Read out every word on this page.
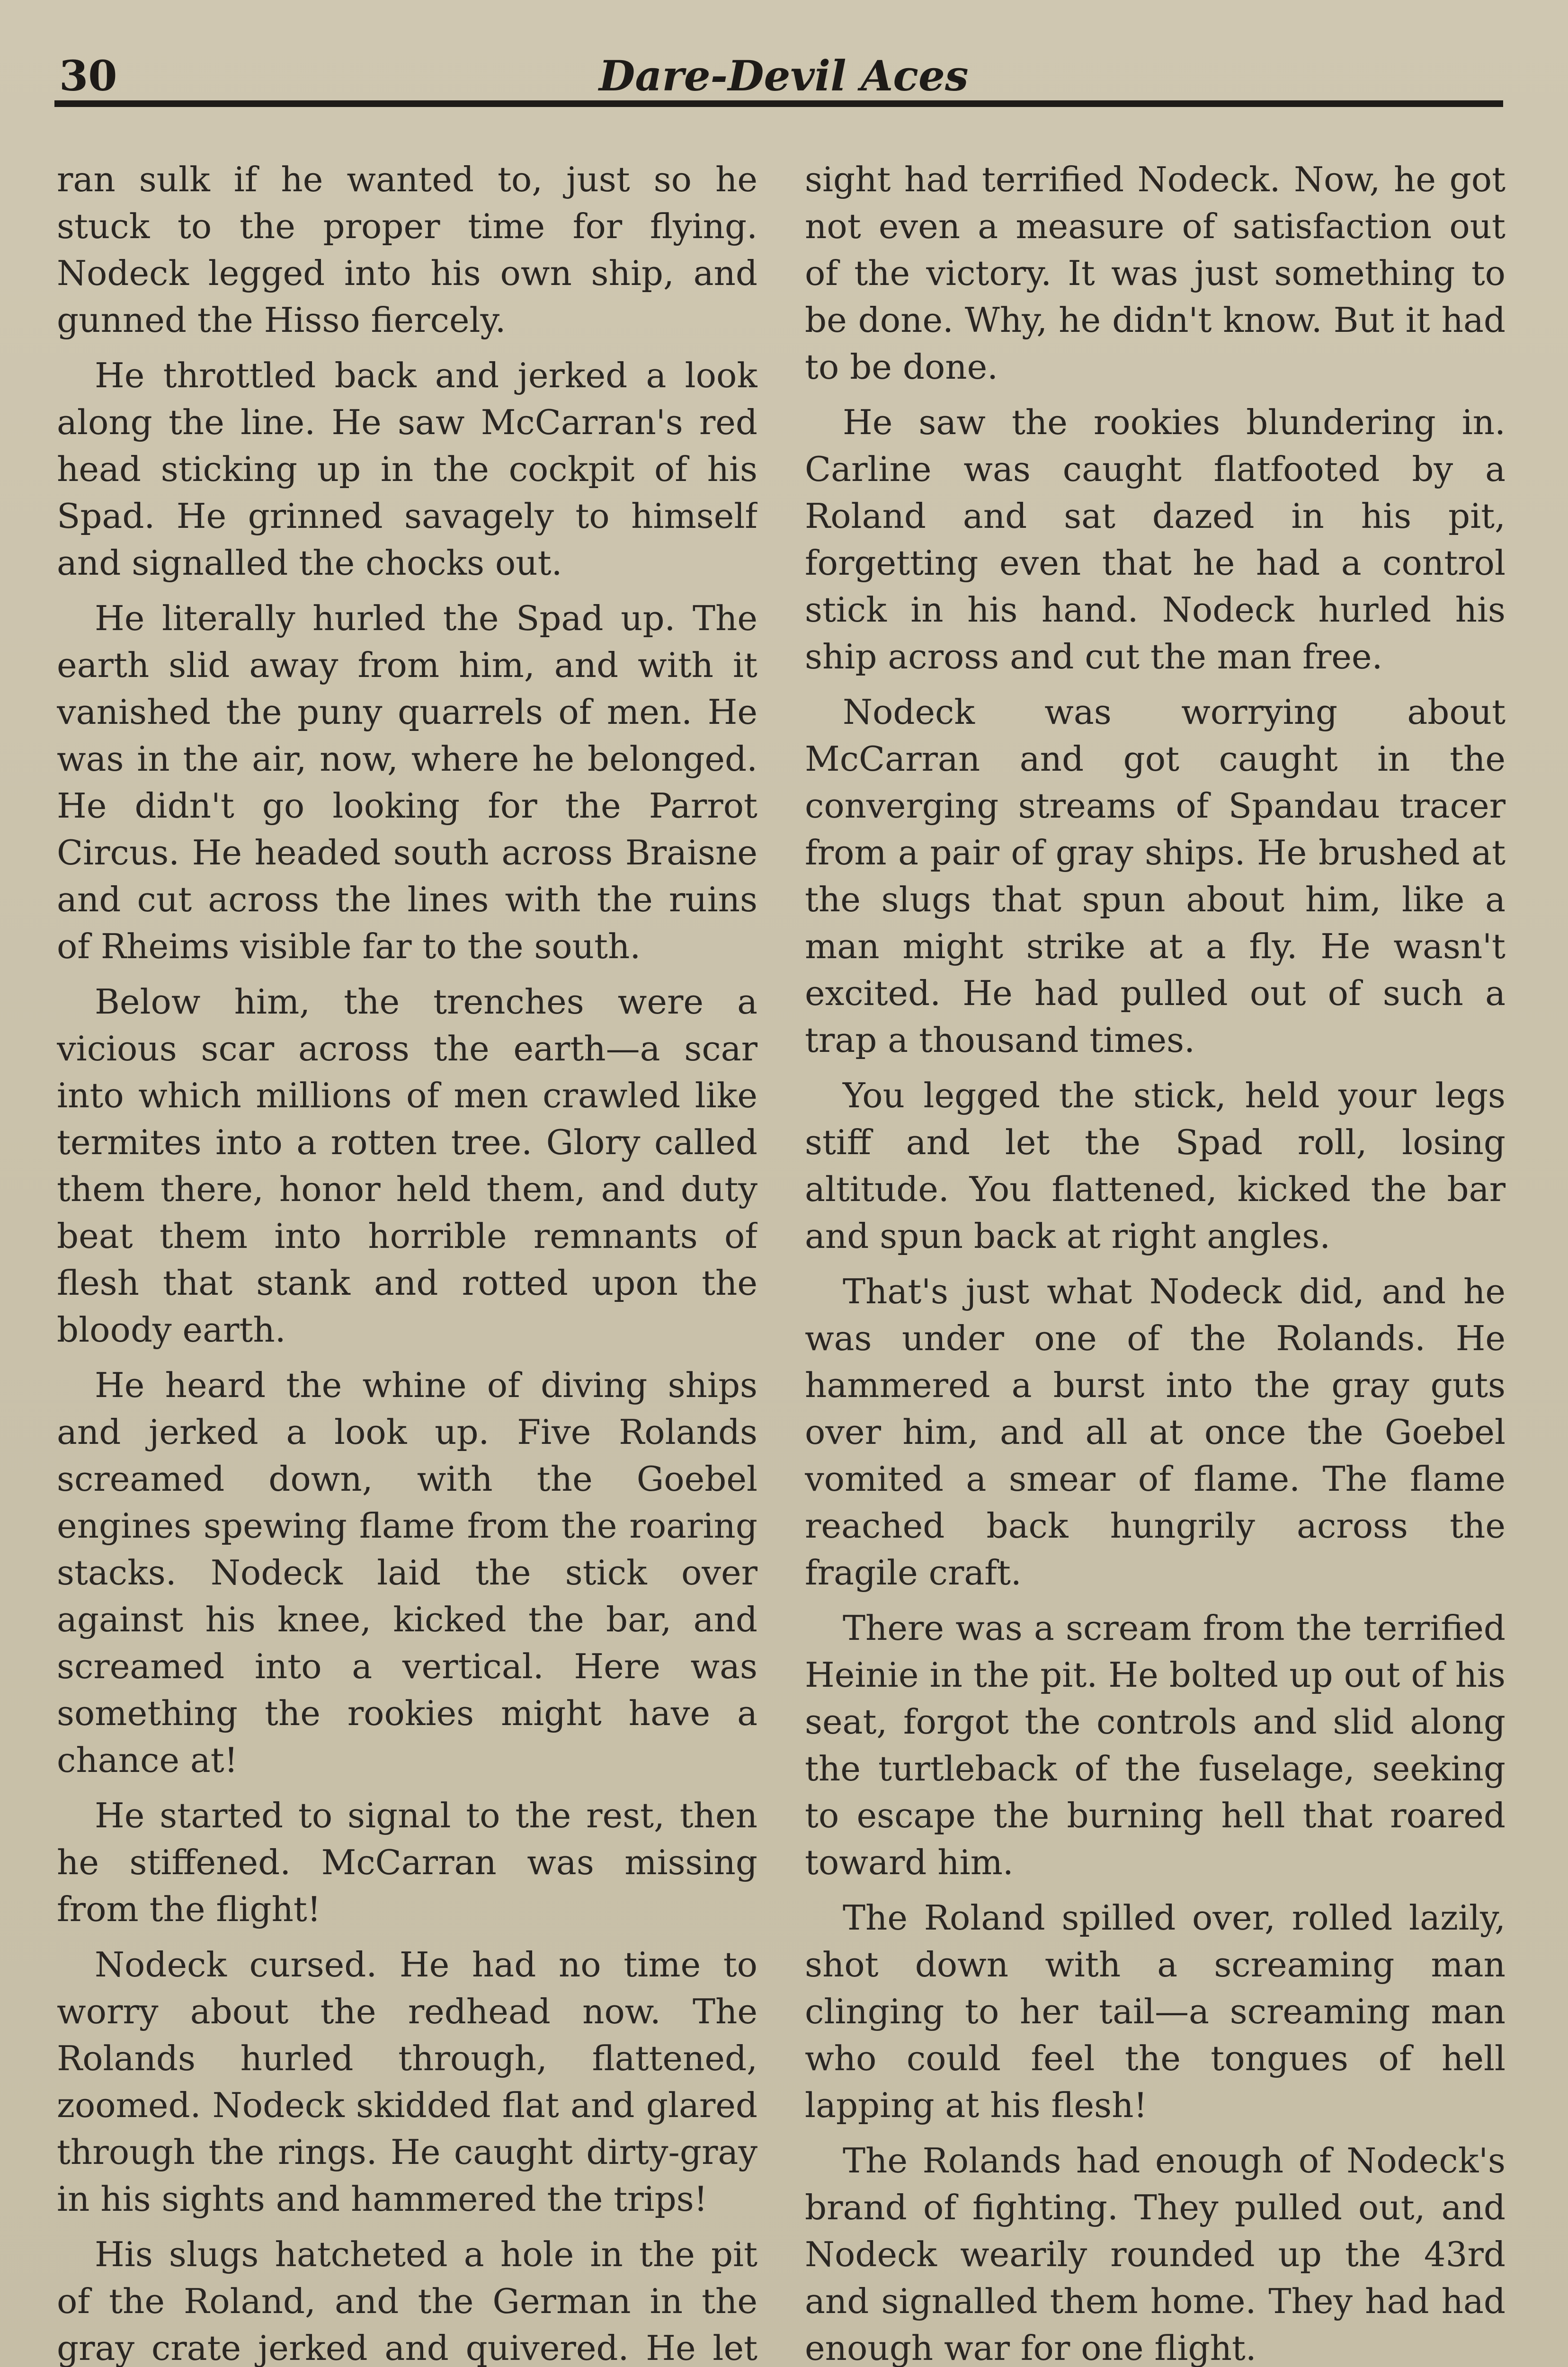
30	Dare-Devil Aces

ran sulk if he wanted to, just so he stuck to the proper time for flying. Nodeck legged into his own ship, and gunned the Hisso fiercely.

He throttled back and jerked a look along the line. He saw McCarran's red head sticking up in the cockpit of his Spad. He grinned savagely to himself and signalled the chocks out.

He literally hurled the Spad up. The earth slid away from him, and with it vanished the puny quarrels of men. He was in the air, now, where he belonged. He didn't go looking for the Parrot Circus. He headed south across Braisne and cut across the lines with the ruins of Rheims visible far to the south.

Below him, the trenches were a vicious scar across the earth—a scar into which millions of men crawled like termites into a rotten tree. Glory called them there, honor held them, and duty beat them into horrible remnants of flesh that stank and rotted upon the bloody earth.

He heard the whine of diving ships and jerked a look up. Five Rolands screamed down, with the Goebel engines spewing flame from the roaring stacks. Nodeck laid the stick over against his knee, kicked the bar, and screamed into a vertical. Here was something the rookies might have a chance at!

He started to signal to the rest, then he stiffened. McCarran was missing from the flight!

Nodeck cursed. He had no time to worry about the redhead now. The Rolands hurled through, flattened, zoomed. Nodeck skidded flat and glared through the rings. He caught dirty-gray in his sights and hammered the trips!

His slugs hatcheted a hole in the pit of the Roland, and the German in the gray crate jerked and quivered. He let

sight had terrified Nodeck. Now, he got not even a measure of satisfaction out of the victory. It was just something to be done. Why, he didn't know. But it had to be done.

He saw the rookies blundering in. Carline was caught flatfooted by a Roland and sat dazed in his pit, forgetting even that he had a control stick in his hand. Nodeck hurled his ship across and cut the man free.

Nodeck was worrying about McCarran and got caught in the converging streams of Spandau tracer from a pair of gray ships. He brushed at the slugs that spun about him, like a man might strike at a fly. He wasn't excited. He had pulled out of such a trap a thousand times.

You legged the stick, held your legs stiff and let the Spad roll, losing altitude. You flattened, kicked the bar and spun back at right angles.

That's just what Nodeck did, and he was under one of the Rolands. He hammered a burst into the gray guts over him, and all at once the Goebel vomited a smear of flame. The flame reached back hungrily across the fragile craft.

There was a scream from the terrified Heinie in the pit. He bolted up out of his seat, forgot the controls and slid along the turtleback of the fuselage, seeking to escape the burning hell that roared toward him.

The Roland spilled over, rolled lazily, shot down with a screaming man clinging to her tail—a screaming man who could feel the tongues of hell lapping at his flesh!

The Rolands had enough of Nodeck's brand of fighting. They pulled out, and Nodeck wearily rounded up the 43rd and signalled them home. They had had enough war for one flight.
